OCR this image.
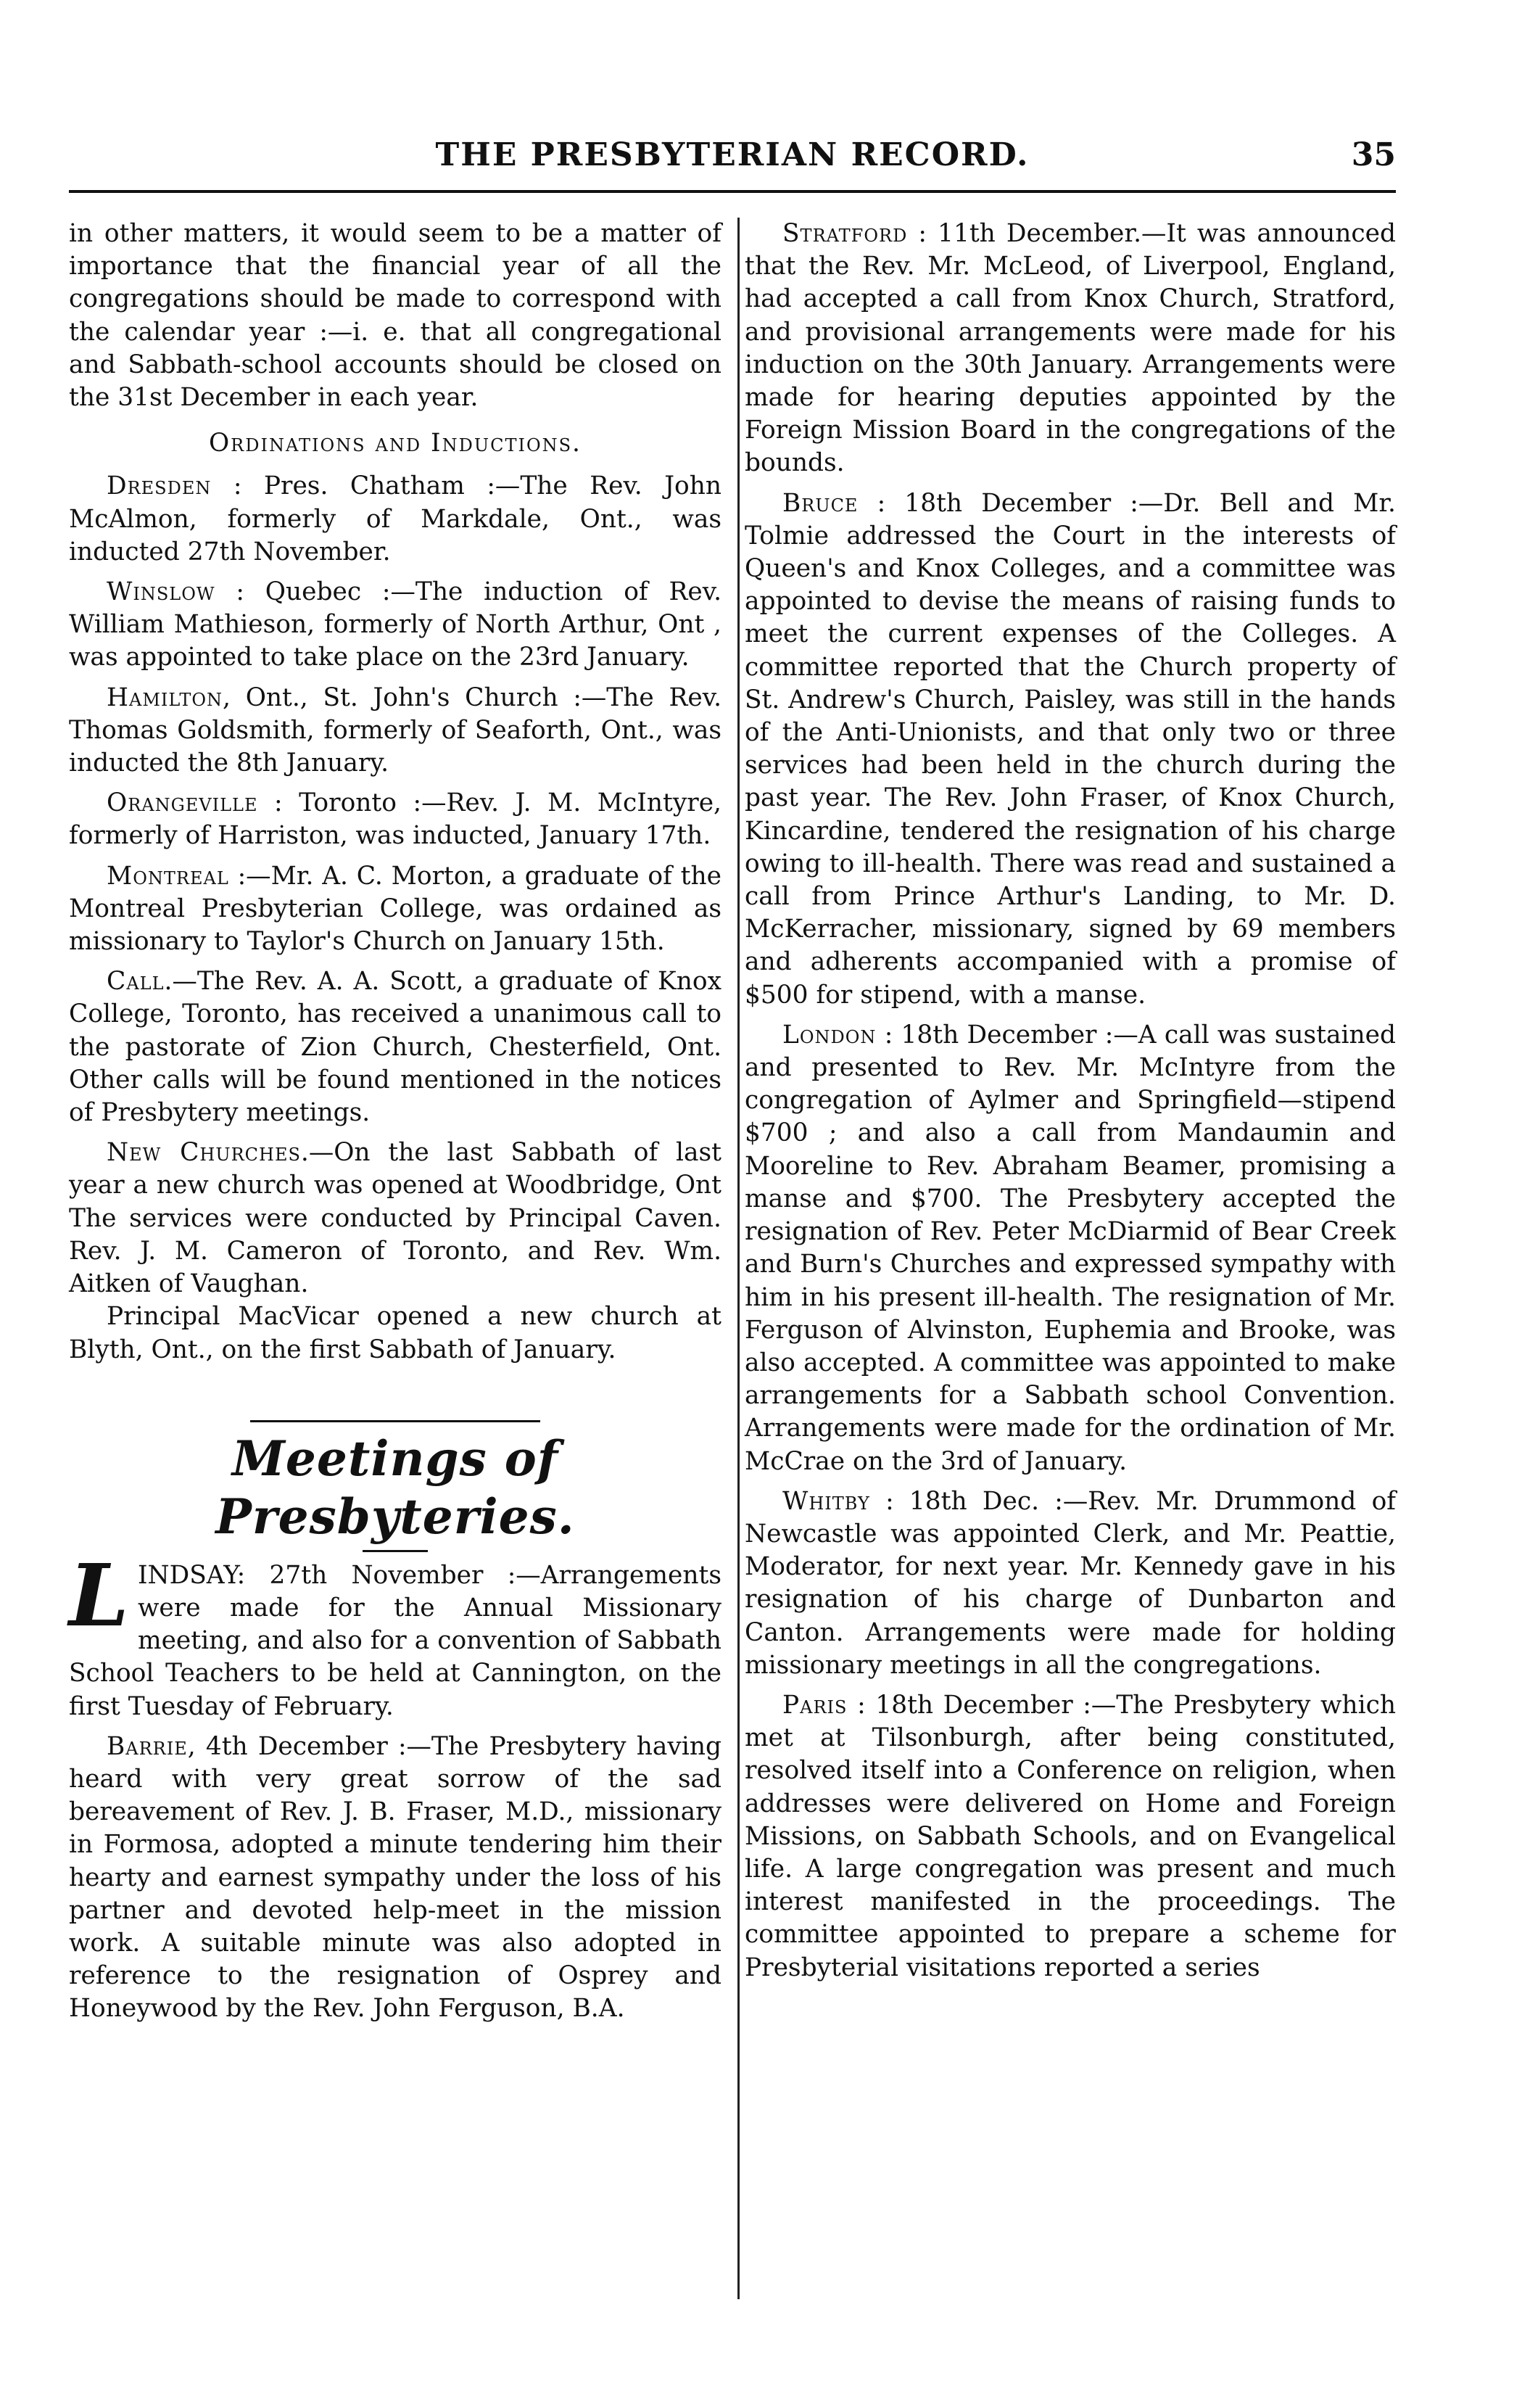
THE PRESBYTERIAN RECORD.	35

in other matters, it would seem to be a matter of importance that the financial year of all the congregations should be made to correspond with the calendar year :—i. e. that all congregational and Sabbath-school accounts should be closed on the 31st December in each year.

Ordinations and Inductions.

Dresden : Pres. Chatham :—The Rev. John McAlmon, formerly of Markdale, Ont., was inducted 27th November.

Winslow : Quebec :—The induction of Rev. William Mathieson, formerly of North Arthur, Ont , was appointed to take place on the 23rd January.

Hamilton, Ont., St. John's Church :—The Rev. Thomas Goldsmith, formerly of Seaforth, Ont., was inducted the 8th January.

Orangeville : Toronto :—Rev. J. M. McIntyre, formerly of Harriston, was inducted, January 17th.

Montreal :—Mr. A. C. Morton, a graduate of the Montreal Presbyterian College, was ordained as missionary to Taylor's Church on January 15th.

Call.—The Rev. A. A. Scott, a graduate of Knox College, Toronto, has received a unanimous call to the pastorate of Zion Church, Chesterfield, Ont. Other calls will be found mentioned in the notices of Presbytery meetings.

New Churches.—On the last Sabbath of last year a new church was opened at Woodbridge, Ont The services were conducted by Principal Caven. Rev. J. M. Cameron of Toronto, and Rev. Wm. Aitken of Vaughan.

Principal MacVicar opened a new church at Blyth, Ont., on the first Sabbath of January.

Meetings of Presbyteries.

LINDSAY: 27th November :—Arrangements were made for the Annual Missionary meeting, and also for a convention of Sabbath School Teachers to be held at Cannington, on the first Tuesday of February.

Barrie, 4th December :—The Presbytery having heard with very great sorrow of the sad bereavement of Rev. J. B. Fraser, M.D., missionary in Formosa, adopted a minute tendering him their hearty and earnest sympathy under the loss of his partner and devoted help-meet in the mission work. A suitable minute was also adopted in reference to the resignation of Osprey and Honeywood by the Rev. John Ferguson, B.A.

Stratford : 11th December.—It was announced that the Rev. Mr. McLeod, of Liverpool, England, had accepted a call from Knox Church, Stratford, and provisional arrangements were made for his induction on the 30th January. Arrangements were made for hearing deputies appointed by the Foreign Mission Board in the congregations of the bounds.

Bruce : 18th December :—Dr. Bell and Mr. Tolmie addressed the Court in the interests of Queen's and Knox Colleges, and a committee was appointed to devise the means of raising funds to meet the current expenses of the Colleges. A committee reported that the Church property of St. Andrew's Church, Paisley, was still in the hands of the Anti-Unionists, and that only two or three services had been held in the church during the past year. The Rev. John Fraser, of Knox Church, Kincardine, tendered the resignation of his charge owing to ill-health. There was read and sustained a call from Prince Arthur's Landing, to Mr. D. McKerracher, missionary, signed by 69 members and adherents accompanied with a promise of $500 for stipend, with a manse.

London : 18th December :—A call was sustained and presented to Rev. Mr. McIntyre from the congregation of Aylmer and Springfield—stipend $700 ; and also a call from Mandaumin and Mooreline to Rev. Abraham Beamer, promising a manse and $700. The Presbytery accepted the resignation of Rev. Peter McDiarmid of Bear Creek and Burn's Churches and expressed sympathy with him in his present ill-health. The resignation of Mr. Ferguson of Alvinston, Euphemia and Brooke, was also accepted. A committee was appointed to make arrangements for a Sabbath school Convention. Arrangements were made for the ordination of Mr. McCrae on the 3rd of January.

Whitby : 18th Dec. :—Rev. Mr. Drummond of Newcastle was appointed Clerk, and Mr. Peattie, Moderator, for next year. Mr. Kennedy gave in his resignation of his charge of Dunbarton and Canton. Arrangements were made for holding missionary meetings in all the congregations.

Paris : 18th December :—The Presbytery which met at Tilsonburgh, after being constituted, resolved itself into a Conference on religion, when addresses were delivered on Home and Foreign Missions, on Sabbath Schools, and on Evangelical life. A large congregation was present and much interest manifested in the proceedings. The committee appointed to prepare a scheme for Presbyterial visitations reported a series
